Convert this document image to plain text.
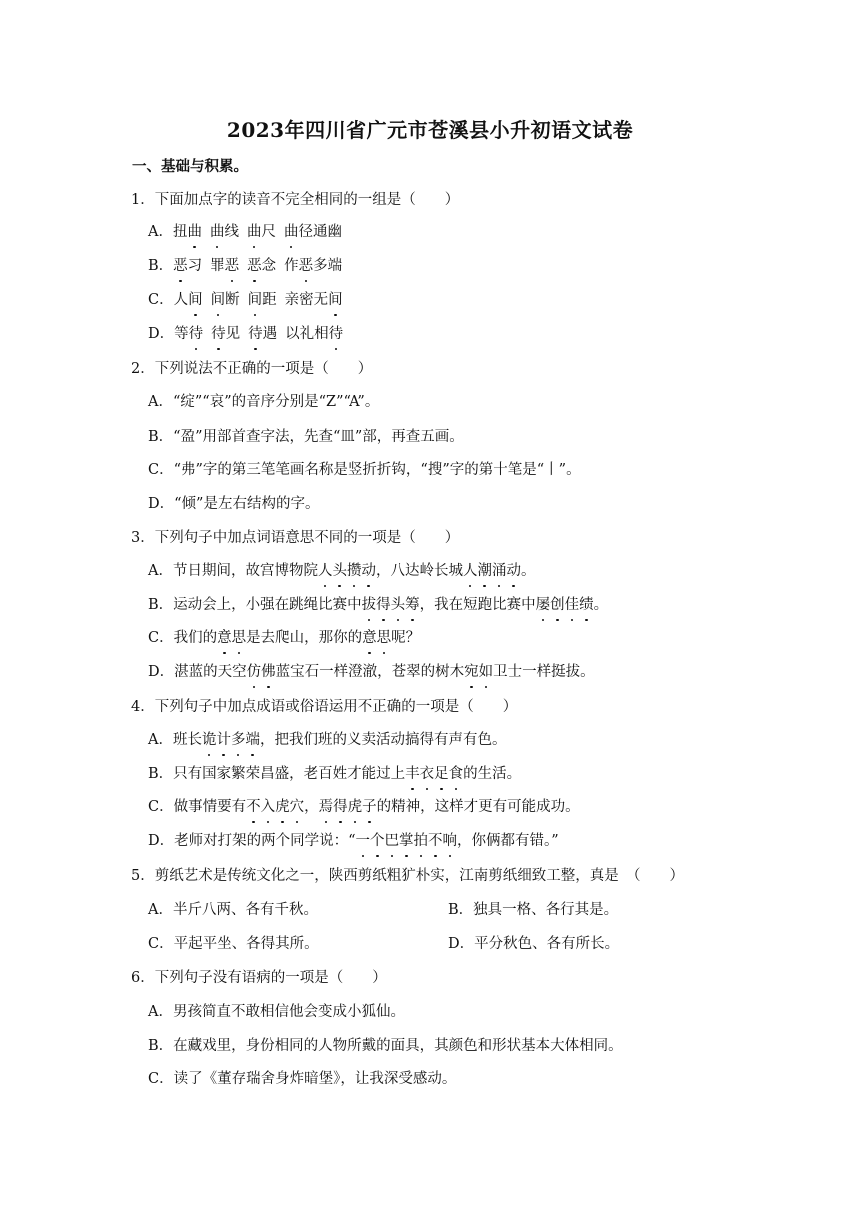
2023年四川省广元市苍溪县小升初语文试卷
一、基础与积累。
1．下面加点字的读音不完全相同的一组是（　　）
A．扭曲 曲线 曲尺 曲径通幽
B．恶习 罪恶 恶念 作恶多端
C．人间 间断 间距 亲密无间
D．等待 待见 待遇 以礼相待
2．下列说法不正确的一项是（　　）
A．“绽”“哀”的音序分别是“Z”“A”。
B．“盈”用部首查字法，先查“皿”部，再查五画。
C．“弗”字的第三笔笔画名称是竖折折钩，“搜”字的第十笔是“丨”。
D．“倾”是左右结构的字。
3．下列句子中加点词语意思不同的一项是（　　）
A．节日期间，故宫博物院人头攒动，八达岭长城人潮涌动。
B．运动会上，小强在跳绳比赛中拔得头筹，我在短跑比赛中屡创佳绩。
C．我们的意思是去爬山，那你的意思呢？
D．湛蓝的天空仿佛蓝宝石一样澄澈，苍翠的树木宛如卫士一样挺拔。
4．下列句子中加点成语或俗语运用不正确的一项是（　　）
A．班长诡计多端，把我们班的义卖活动搞得有声有色。
B．只有国家繁荣昌盛，老百姓才能过上丰衣足食的生活。
C．做事情要有不入虎穴，焉得虎子的精神，这样才更有可能成功。
D．老师对打架的两个同学说：“一个巴掌拍不响，你俩都有错。”
5．剪纸艺术是传统文化之一，陕西剪纸粗犷朴实，江南剪纸细致工整，真是　（　　）
A．半斤八两、各有千秋。	B．独具一格、各行其是。
C．平起平坐、各得其所。	D．平分秋色、各有所长。
6．下列句子没有语病的一项是（　　）
A．男孩简直不敢相信他会变成小狐仙。
B．在藏戏里，身份相同的人物所戴的面具，其颜色和形状基本大体相同。
C．读了《董存瑞舍身炸暗堡》，让我深受感动。
